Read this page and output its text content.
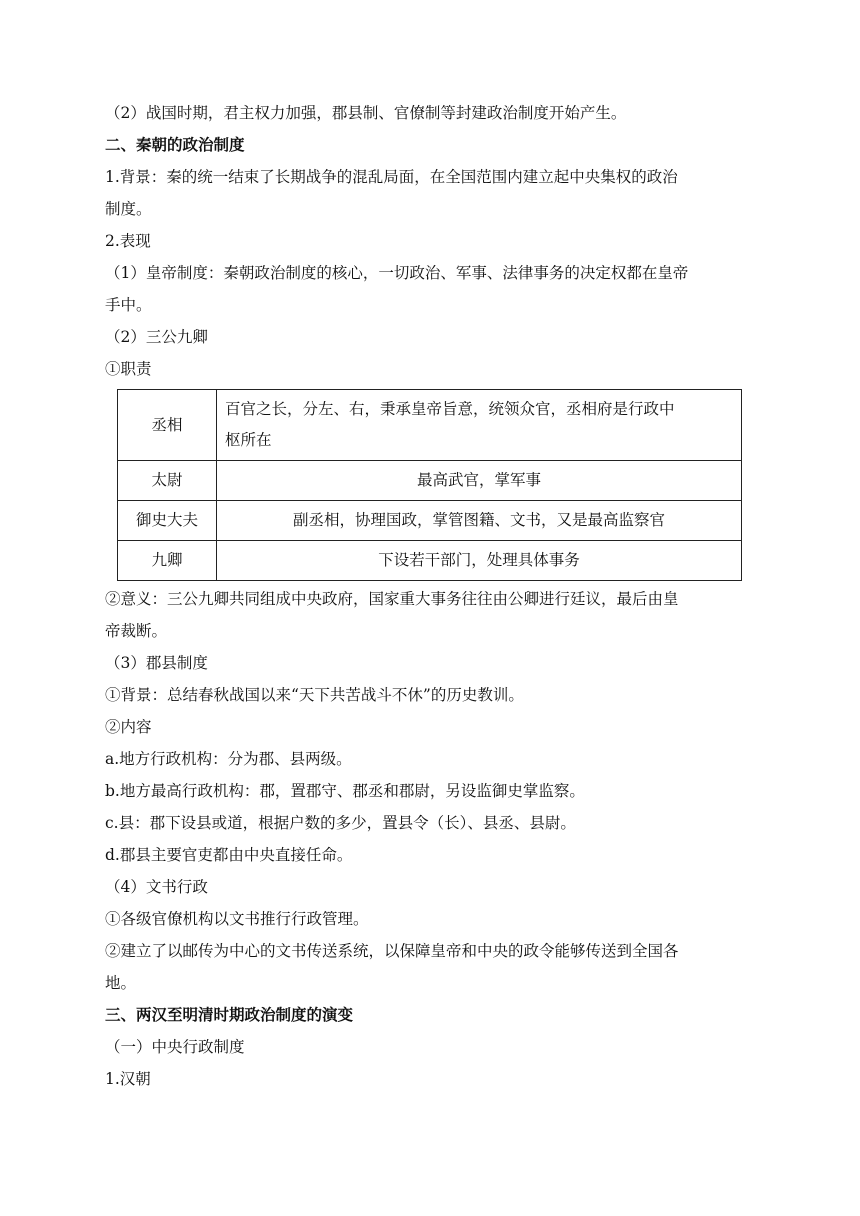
（2）战国时期，君主权力加强，郡县制、官僚制等封建政治制度开始产生。
二、秦朝的政治制度
1.背景：秦的统一结束了长期战争的混乱局面，在全国范围内建立起中央集权的政治
制度。
2.表现
（1）皇帝制度：秦朝政治制度的核心，一切政治、军事、法律事务的决定权都在皇帝
手中。
（2）三公九卿
①职责
丞相	百官之长，分左、右，秉承皇帝旨意，统领众官，丞相府是行政中
枢所在

太尉	最高武官，掌军事
御史大夫	副丞相，协理国政，掌管图籍、文书，又是最高监察官
九卿	下设若干部门，处理具体事务
②意义：三公九卿共同组成中央政府，国家重大事务往往由公卿进行廷议，最后由皇
帝裁断。
（3）郡县制度
①背景：总结春秋战国以来“天下共苦战斗不休”的历史教训。
②内容
a.地方行政机构：分为郡、县两级。
b.地方最高行政机构：郡，置郡守、郡丞和郡尉，另设监御史掌监察。
c.县：郡下设县或道，根据户数的多少，置县令（长）、县丞、县尉。
d.郡县主要官吏都由中央直接任命。
（4）文书行政
①各级官僚机构以文书推行行政管理。
②建立了以邮传为中心的文书传送系统，以保障皇帝和中央的政令能够传送到全国各
地。
三、两汉至明清时期政治制度的演变
（一）中央行政制度
1.汉朝
